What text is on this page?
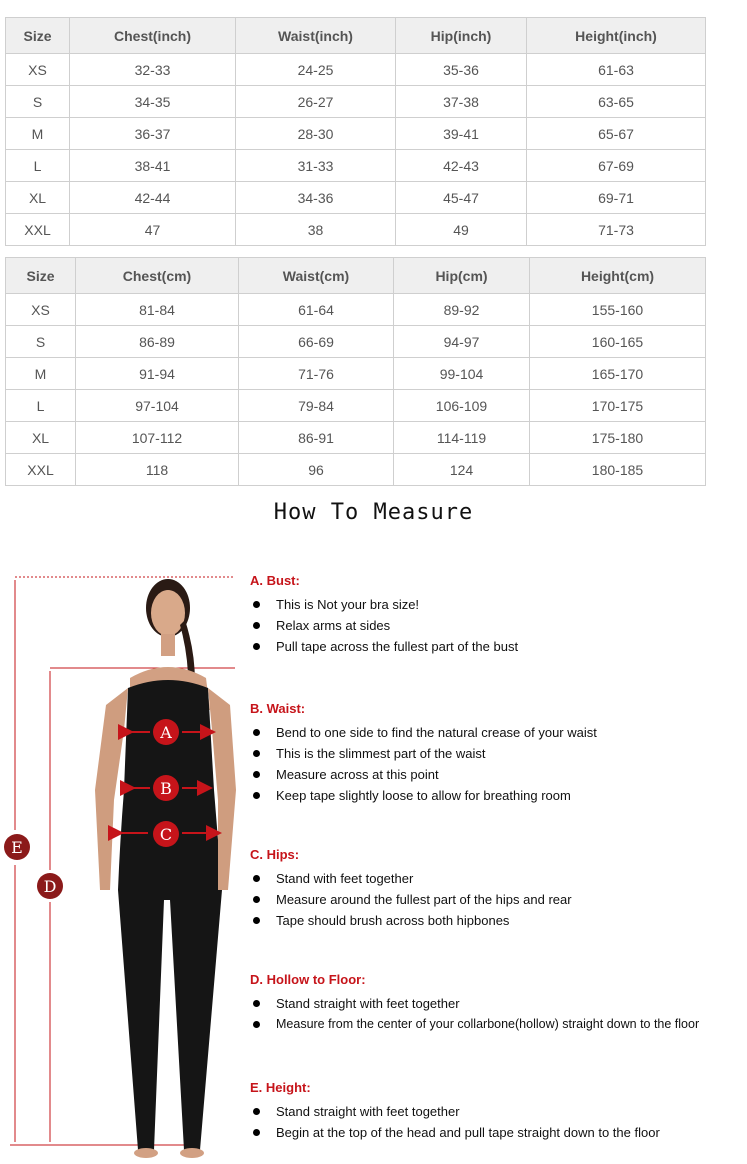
Size	Chest(inch)	Waist(inch)	Hip(inch)	Height(inch)
XS	32-33	24-25	35-36	61-63
S	34-35	26-27	37-38	63-65
M	36-37	28-30	39-41	65-67
L	38-41	31-33	42-43	67-69
XL	42-44	34-36	45-47	69-71
XXL	47	38	49	71-73
Size	Chest(cm)	Waist(cm)	Hip(cm)	Height(cm)
XS	81-84	61-64	89-92	155-160
S	86-89	66-69	94-97	160-165
M	91-94	71-76	99-104	165-170
L	97-104	79-84	106-109	170-175
XL	107-112	86-91	114-119	175-180
XXL	118	96	124	180-185
How To Measure
A
B
C
D
E
A. Bust:
This is Not your bra size!
Relax arms at sides
Pull tape across the fullest part of the bust
B. Waist:
Bend to one side to find the natural crease of your waist
This is the slimmest part of the waist
Measure across at this point
Keep tape slightly loose to allow for breathing room
C. Hips:
Stand with feet together
Measure around the fullest part of the hips and rear
Tape should brush across both hipbones
D. Hollow to Floor:
Stand straight with feet together
Measure from the center of your collarbone(hollow) straight down to the floor
E. Height:
Stand straight with feet together
Begin at the top of the head and pull tape straight down to the floor
